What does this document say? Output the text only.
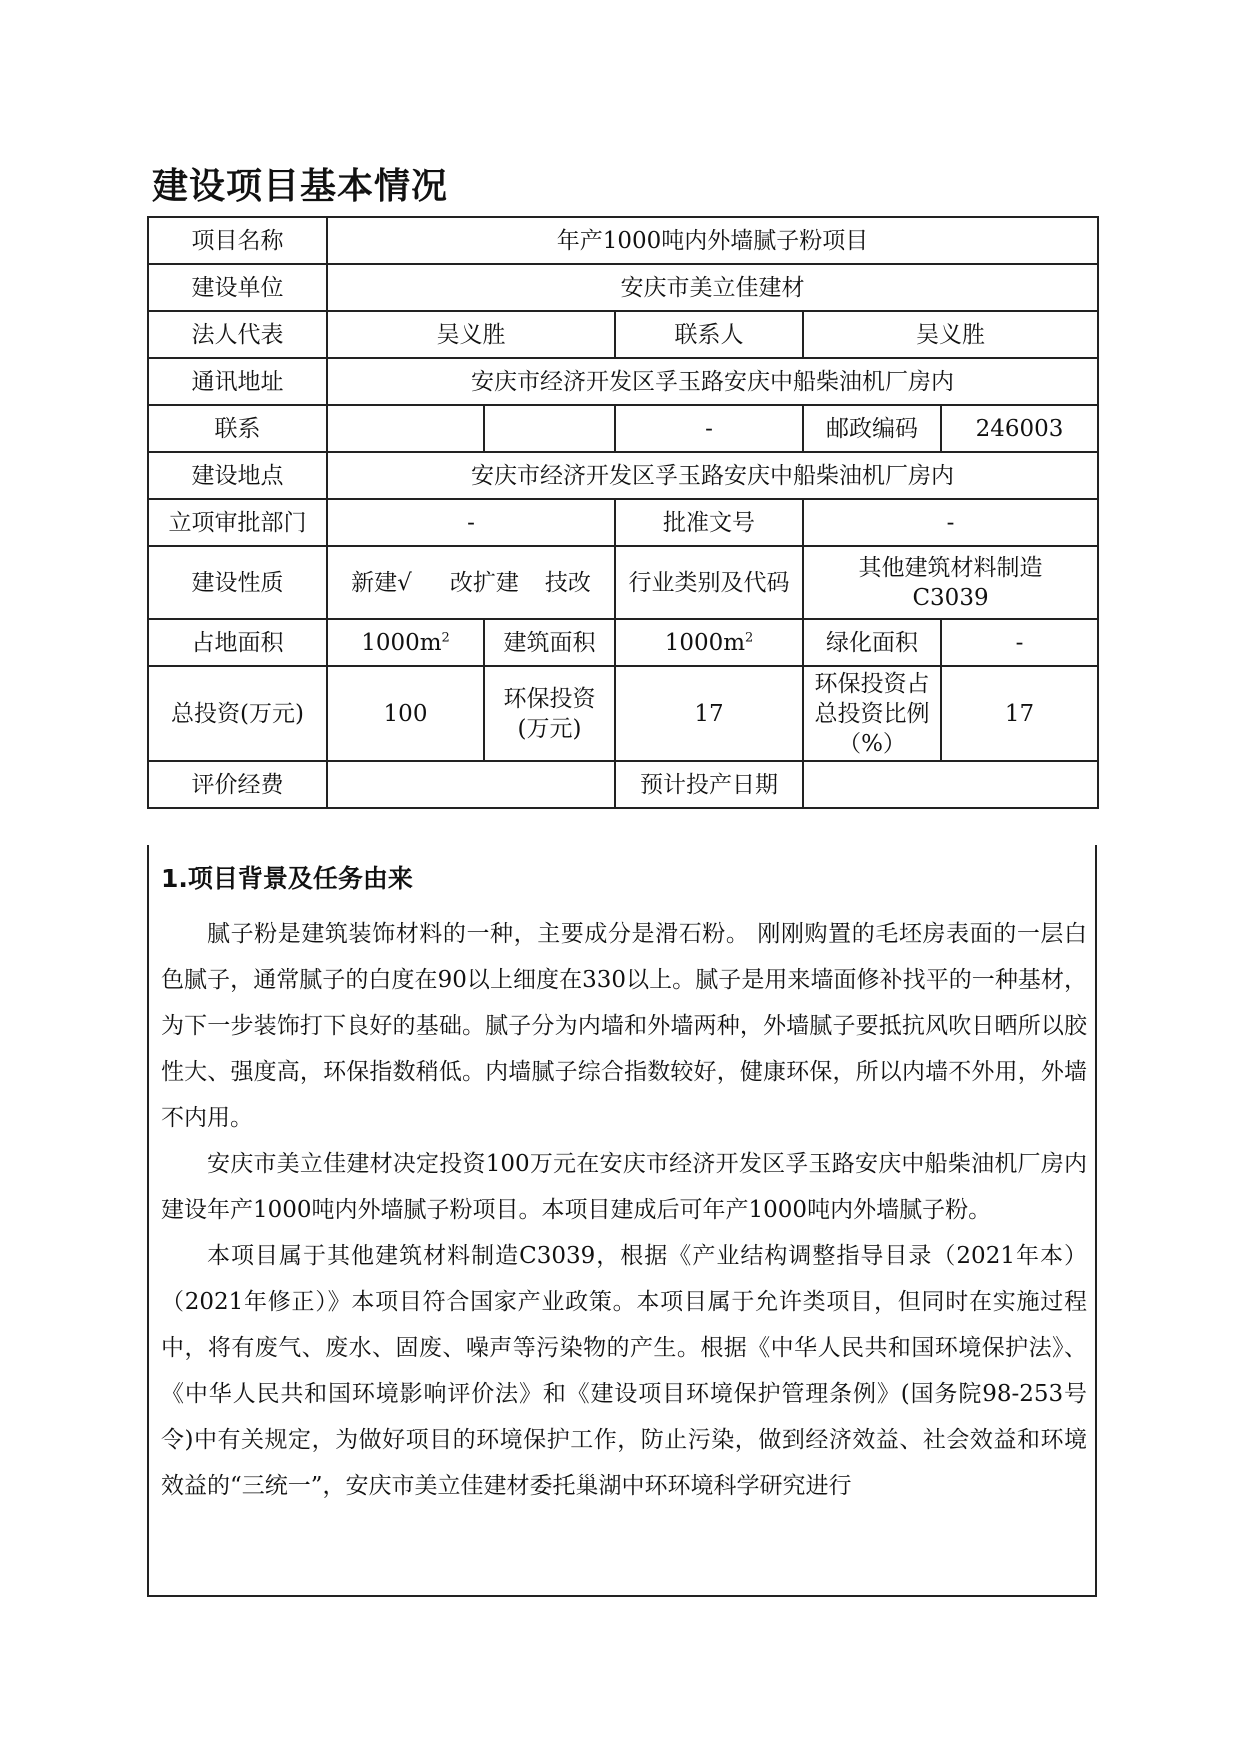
建设项目基本情况
项目名称	年产1000吨内外墙腻子粉项目				
建设单位	安庆市美立佳建材				
法人代表	吴义胜		联系人	吴义胜	
通讯地址	安庆市经济开发区孚玉路安庆中船柴油机厂房内				
联系			-	邮政编码	246003
建设地点	安庆市经济开发区孚玉路安庆中船柴油机厂房内				
立项审批部门	-		批准文号	-	
建设性质	新建√ 改扩建 技改		行业类别及代码	其他建筑材料制造C3039	
占地面积	$1000m^2$	建筑面积	$1000m^2$	绿化面积	-
总投资(万元)	100	环保投资(万元)	17	环保投资占总投资比例（%）	17
评价经费			预计投产日期		
1.项目背景及任务由来

腻子粉是建筑装饰材料的一种，主要成分是滑石粉。 刚刚购置的毛坯房表面的一层白色腻子，通常腻子的白度在90以上细度在330以上。腻子是用来墙面修补找平的一种基材，为下一步装饰打下良好的基础。腻子分为内墙和外墙两种，外墙腻子要抵抗风吹日晒所以胶性大、强度高，环保指数稍低。内墙腻子综合指数较好，健康环保，所以内墙不外用，外墙不内用。

安庆市美立佳建材决定投资100万元在安庆市经济开发区孚玉路安庆中船柴油机厂房内建设年产1000吨内外墙腻子粉项目。本项目建成后可年产1000吨内外墙腻子粉。

本项目属于其他建筑材料制造C3039，根据《产业结构调整指导目录（2021年本）（2021年修正）》本项目符合国家产业政策。本项目属于允许类项目，但同时在实施过程中，将有废气、废水、固废、噪声等污染物的产生。根据《中华人民共和国环境保护法》、《中华人民共和国环境影响评价法》和《建设项目环境保护管理条例》(国务院98-253号令)中有关规定，为做好项目的环境保护工作，防止污染，做到经济效益、社会效益和环境效益的“三统一”，安庆市美立佳建材委托巢湖中环环境科学研究进行
